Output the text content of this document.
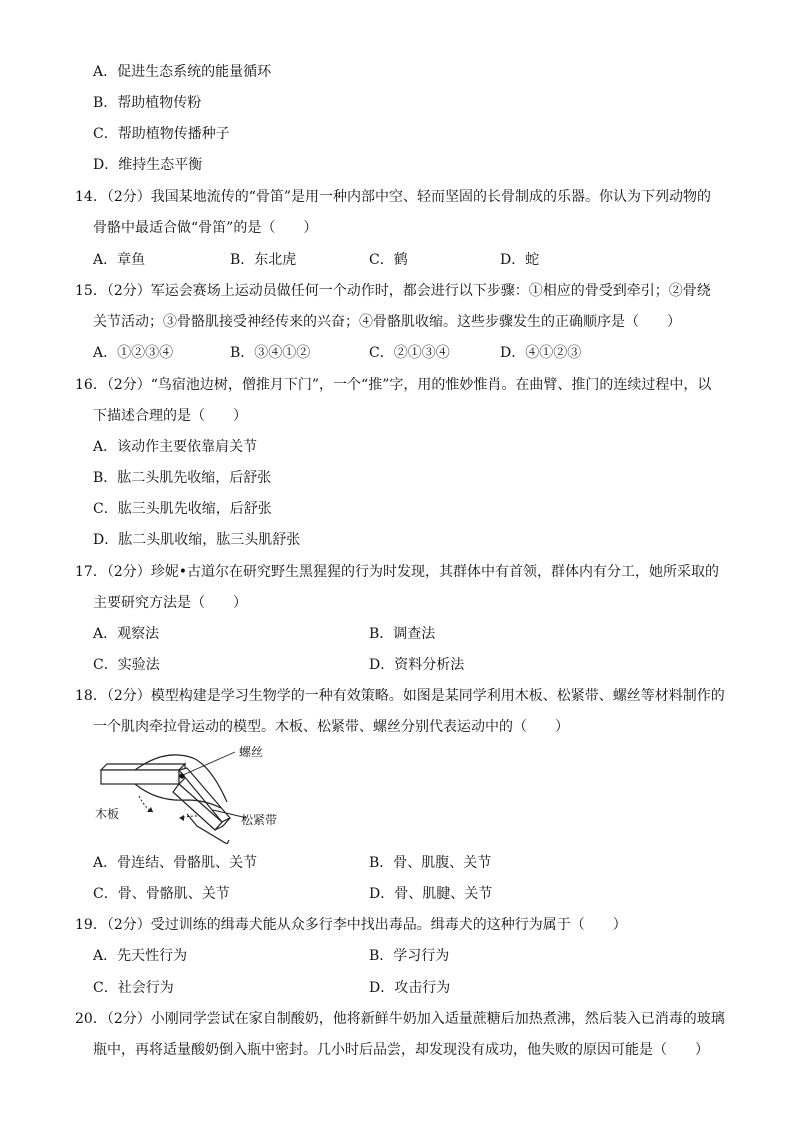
A．促进生态系统的能量循环
B．帮助植物传粉
C．帮助植物传播种子
D．维持生态平衡
14．（2分）我国某地流传的“骨笛”是用一种内部中空、轻而坚固的长骨制成的乐器。你认为下列动物的
骨骼中最适合做“骨笛”的是（　　）
A．章鱼	B．东北虎	C．鹤	D．蛇
15．（2分）军运会赛场上运动员做任何一个动作时，都会进行以下步骤：①相应的骨受到牵引；②骨绕
关节活动；③骨骼肌接受神经传来的兴奋；④骨骼肌收缩。这些步骤发生的正确顺序是（　　）
A．①②③④	B．③④①②	C．②①③④	D．④①②③
16．（2分）“鸟宿池边树，僧推月下门”，一个“推”字，用的惟妙惟肖。在曲臂、推门的连续过程中，以
下描述合理的是（　　）
A．该动作主要依靠肩关节
B．肱二头肌先收缩，后舒张
C．肱三头肌先收缩，后舒张
D．肱二头肌收缩，肱三头肌舒张
17．（2分）珍妮•古道尔在研究野生黑猩猩的行为时发现，其群体中有首领，群体内有分工，她所采取的
主要研究方法是（　　）
A．观察法	B．调查法
C．实验法	D．资料分析法
18．（2分）模型构建是学习生物学的一种有效策略。如图是某同学利用木板、松紧带、螺丝等材料制作的
一个肌肉牵拉骨运动的模型。木板、松紧带、螺丝分别代表运动中的（　　）
螺丝
木板	松紧带
A．骨连结、骨骼肌、关节	B．骨、肌腹、关节
C．骨、骨骼肌、关节	D．骨、肌腱、关节
19．（2分）受过训练的缉毒犬能从众多行李中找出毒品。缉毒犬的这种行为属于（　　）
A．先天性行为	B．学习行为
C．社会行为	D．攻击行为
20．（2分）小刚同学尝试在家自制酸奶，他将新鲜牛奶加入适量蔗糖后加热煮沸，然后装入已消毒的玻璃
瓶中，再将适量酸奶倒入瓶中密封。几小时后品尝，却发现没有成功，他失败的原因可能是（　　）
